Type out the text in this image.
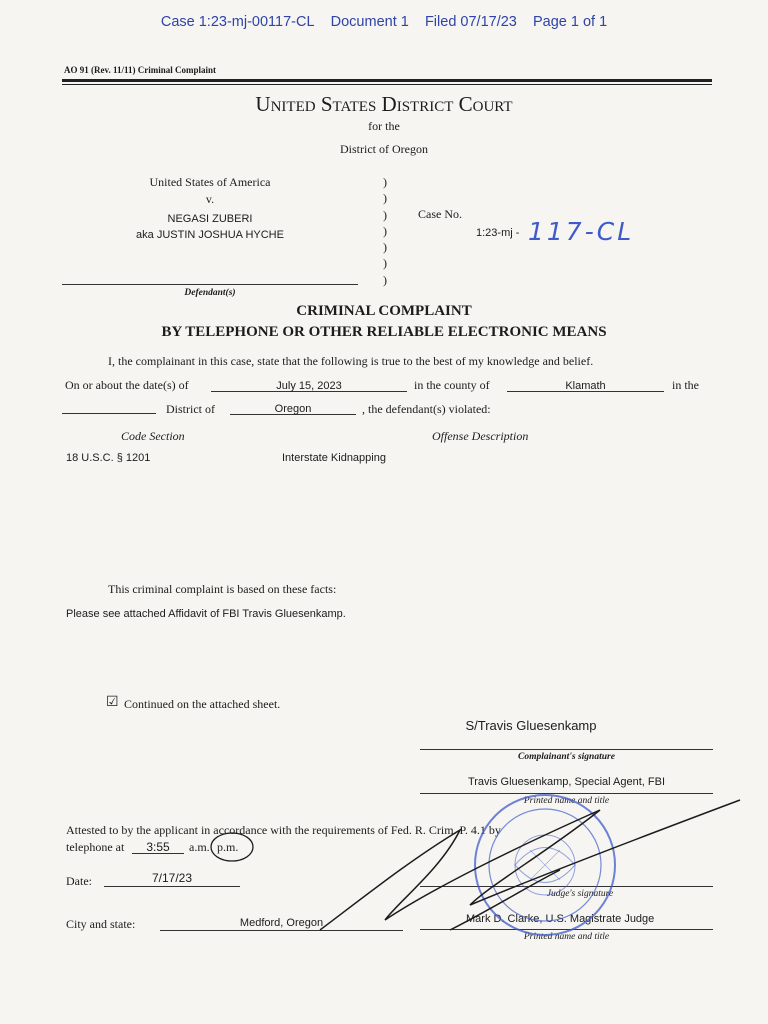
Case 1:23-mj-00117-CL Document 1 Filed 07/17/23 Page 1 of 1
AO 91 (Rev. 11/11) Criminal Complaint
United States District Court
for the
District of Oregon
United States of America
v.
NEGASI ZUBERI
aka JUSTIN JOSHUA HYCHE
Defendant(s)
)
)
)
)
)
)
)
Case No.
1:23-mj - 117-CL
CRIMINAL COMPLAINT
BY TELEPHONE OR OTHER RELIABLE ELECTRONIC MEANS
I, the complainant in this case, state that the following is true to the best of my knowledge and belief.
On or about the date(s) of	July 15, 2023	in the county of	Klamath	in the
District of	Oregon	, the defendant(s) violated:
Code Section	Offense Description
18 U.S.C. § 1201	Interstate Kidnapping
This criminal complaint is based on these facts:
Please see attached Affidavit of FBI Travis Gluesenkamp.
☑ Continued on the attached sheet.
S/Travis Gluesenkamp
Complainant's signature
Travis Gluesenkamp, Special Agent, FBI
Printed name and title
Attested to by the applicant in accordance with the requirements of Fed. R. Crim. P. 4.1 by
telephone at	3:55	a.m. p.m.
Date:	7/17/23
Judge's signature
City and state:	Medford, Oregon	Mark D. Clarke, U.S. Magistrate Judge
Printed name and title
